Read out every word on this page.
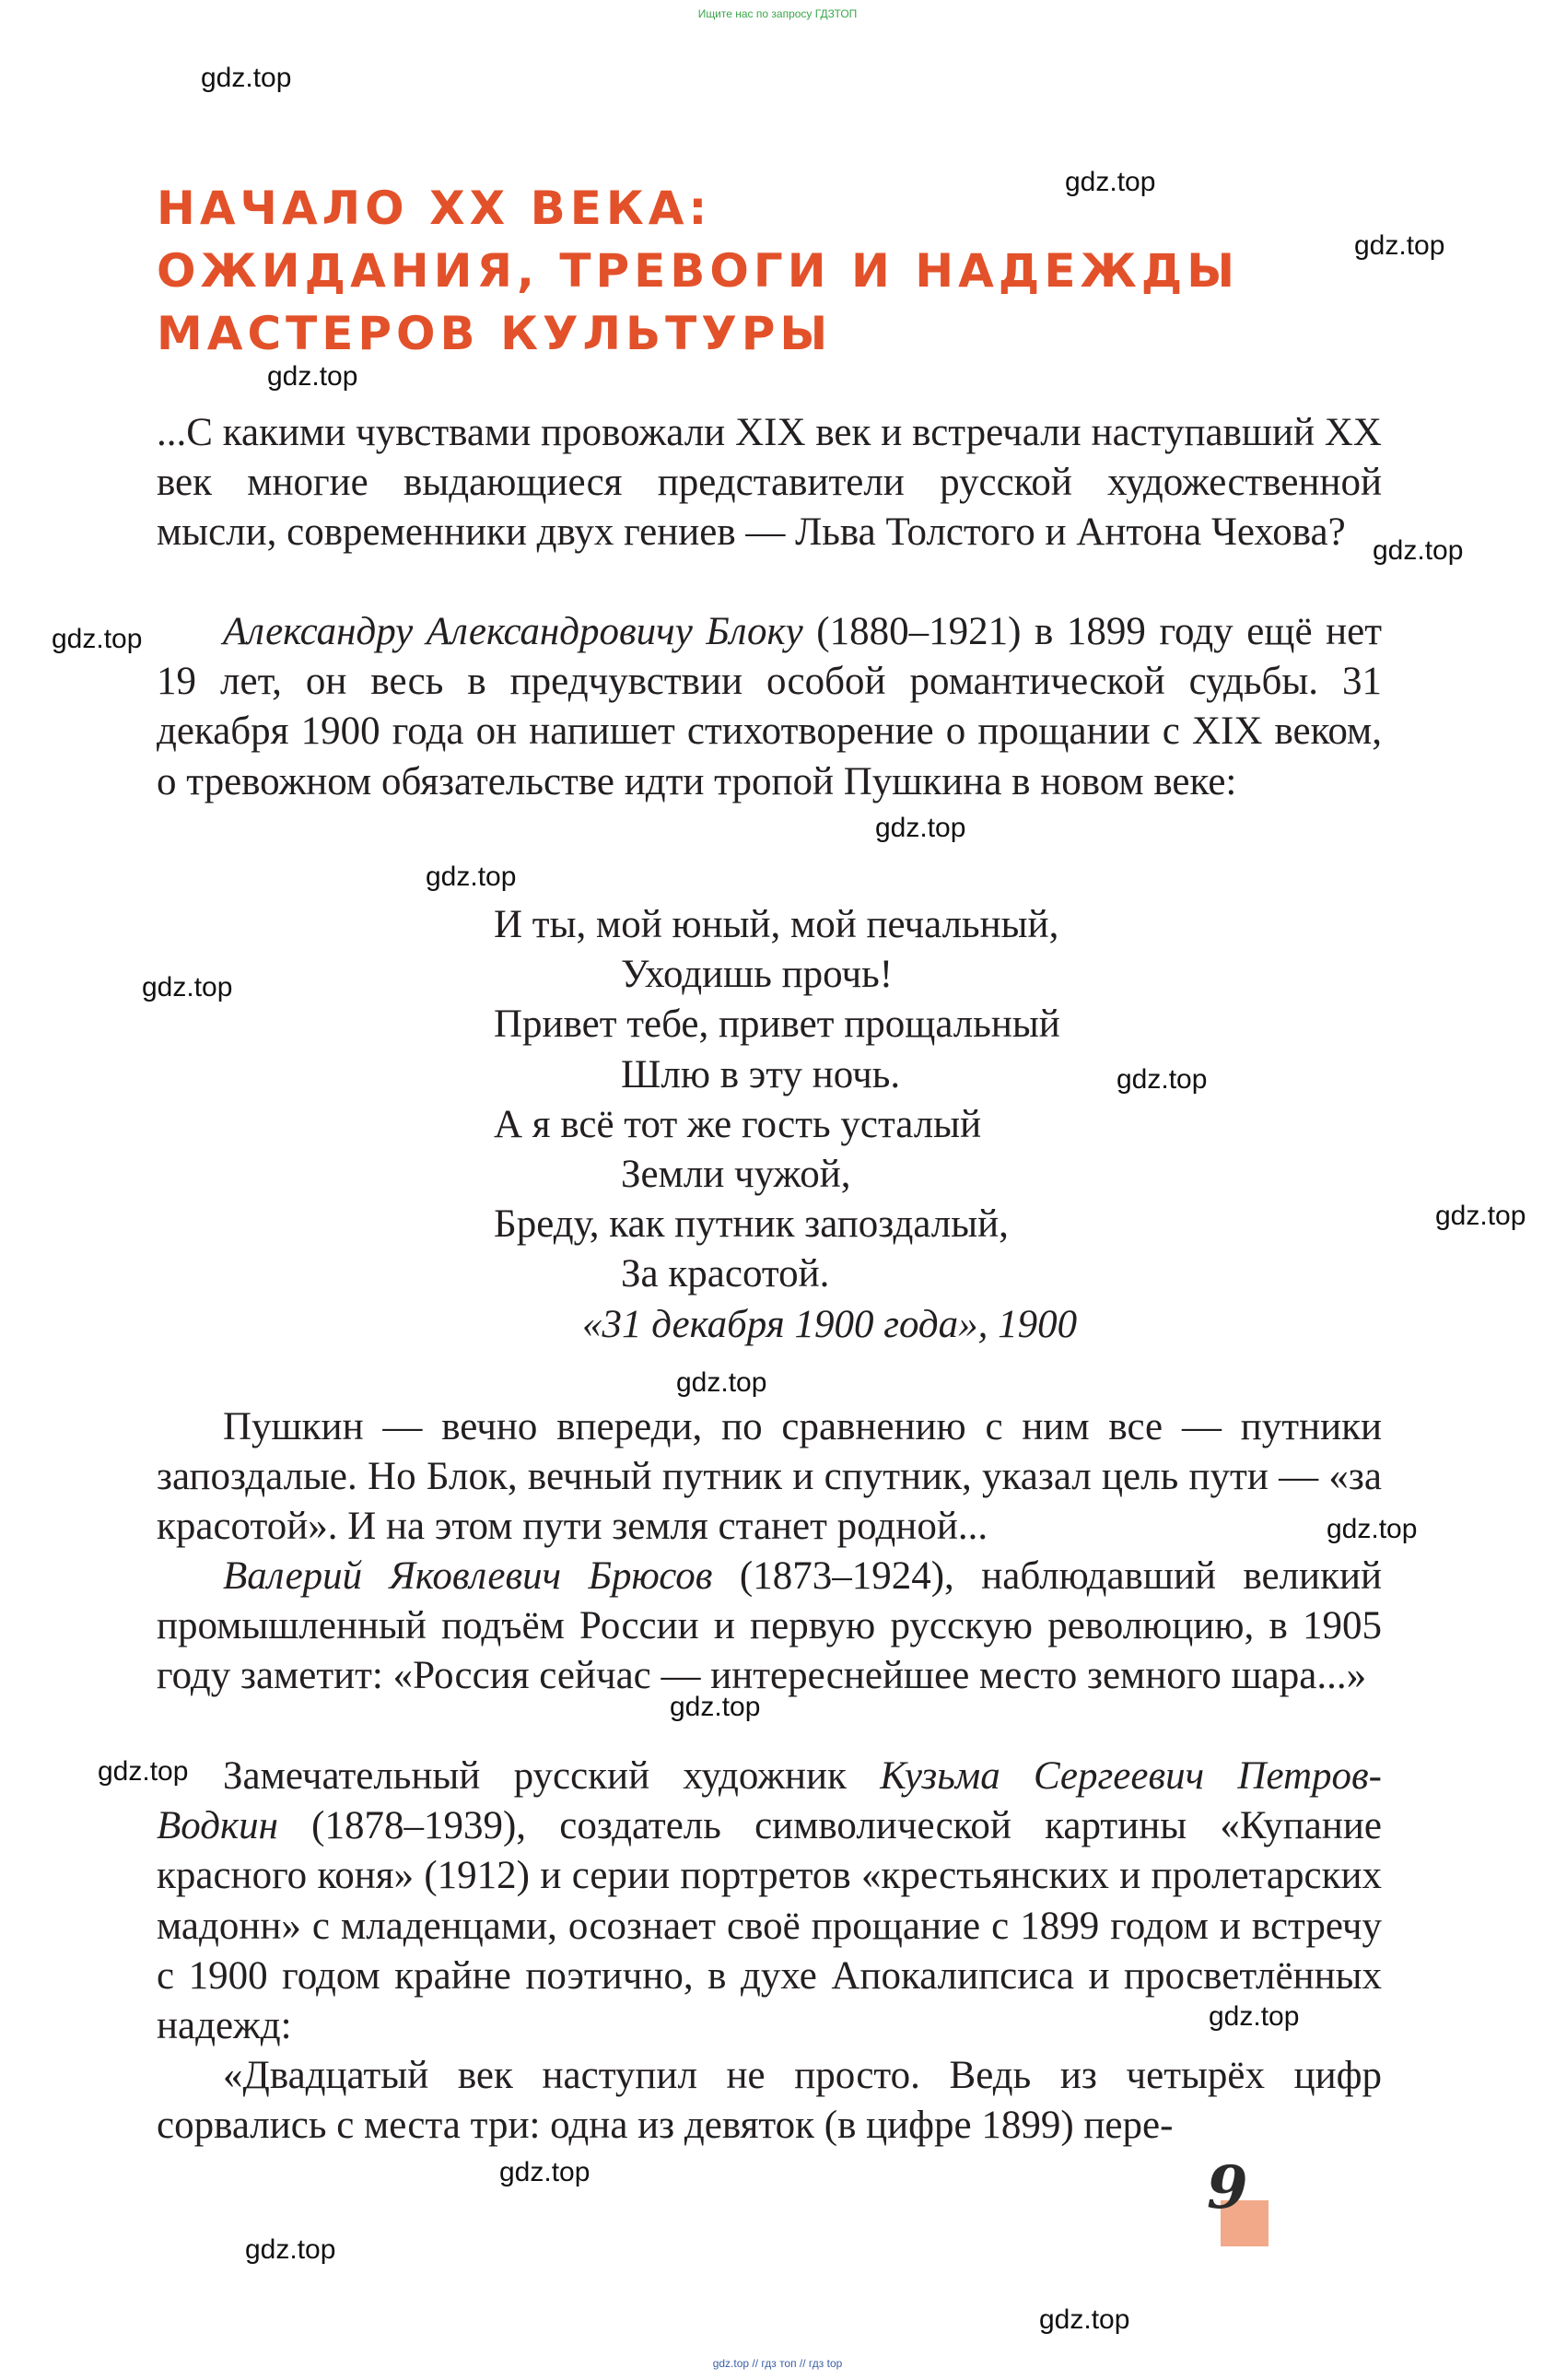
Ищите нас по запросу ГДЗТОП
НАЧАЛО XX ВЕКА:
ОЖИДАНИЯ, ТРЕВОГИ И НАДЕЖДЫ
МАСТЕРОВ КУЛЬТУРЫ

...С какими чувствами провожали XIX век и встречали наступавший XX век многие выдающиеся представители русской художественной мысли, современники двух гениев — Льва Толстого и Антона Чехова?

Александру Александровичу Блоку (1880–1921) в 1899 году ещё нет 19 лет, он весь в предчувствии особой романтической судьбы. 31 декабря 1900 года он напишет стихотворение о прощании с XIX веком, о тревожном обязательстве идти тропой Пушкина в новом веке:

И ты, мой юный, мой печальный,
Уходишь прочь!
Привет тебе, привет прощальный
Шлю в эту ночь.
А я всё тот же гость усталый
Земли чужой,
Бреду, как путник запоздалый,
За красотой.
«31 декабря 1900 года», 1900

Пушкин — вечно впереди, по сравнению с ним все — путники запоздалые. Но Блок, вечный путник и спутник, указал цель пути — «за красотой». И на этом пути земля станет родной...

Валерий Яковлевич Брюсов (1873–1924), наблюдавший великий промышленный подъём России и первую русскую революцию, в 1905 году заметит: «Россия сейчас — интереснейшее место земного шара...»

Замечательный русский художник Кузьма Сергеевич Петров-Водкин (1878–1939), создатель символической картины «Купание красного коня» (1912) и серии портретов «крестьянских и пролетарских мадонн» с младенцами, осознает своё прощание с 1899 годом и встречу с 1900 годом крайне поэтично, в духе Апокалипсиса и просветлённых надежд:

«Двадцатый век наступил не просто. Ведь из четырёх цифр сорвались с места три: одна из девяток (в цифре 1899) пере-

gdz.top
gdz.top
gdz.top
gdz.top
gdz.top
gdz.top
gdz.top
gdz.top
gdz.top
gdz.top
gdz.top
gdz.top
gdz.top
gdz.top
gdz.top
gdz.top
gdz.top
gdz.top
gdz.top
9
gdz.top // гдз топ // гдз top
